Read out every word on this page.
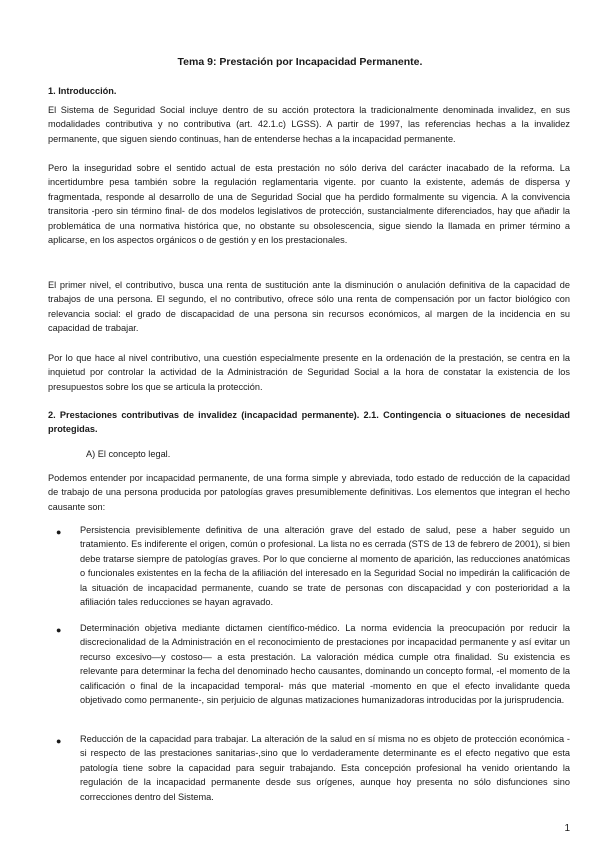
Tema 9: Prestación por Incapacidad Permanente.
1. Introducción.
El Sistema de Seguridad Social incluye dentro de su acción protectora la tradicionalmente denominada invalidez, en sus modalidades contributiva y no contributiva (art. 42.1.c) LGSS). A partir de 1997, las referencias hechas a la invalidez permanente, que siguen siendo continuas, han de entenderse hechas a la incapacidad permanente.
Pero la inseguridad sobre el sentido actual de esta prestación no sólo deriva del carácter inacabado de la reforma. La incertidumbre pesa también sobre la regulación reglamentaria vigente. por cuanto la existente, además de dispersa y fragmentada, responde al desarrollo de una de Seguridad Social que ha perdido formalmente su vigencia. A la convivencia transitoria -pero sin término final- de dos modelos legislativos de protección, sustancialmente diferenciados, hay que añadir la problemática de una normativa histórica que, no obstante su obsolescencia, sigue siendo la llamada en primer término a aplicarse, en los aspectos orgánicos o de gestión y en los prestacionales.
El primer nivel, el contributivo, busca una renta de sustitución ante la disminución o anulación definitiva de la capacidad de trabajos de una persona. El segundo, el no contributivo, ofrece sólo una renta de compensación por un factor biológico con relevancia social: el grado de discapacidad de una persona sin recursos económicos, al margen de la incidencia en su capacidad de trabajar.
Por lo que hace al nivel contributivo, una cuestión especialmente presente en la ordenación de la prestación, se centra en la inquietud por controlar la actividad de la Administración de Seguridad Social a la hora de constatar la existencia de los presupuestos sobre los que se articula la protección.
2. Prestaciones contributivas de invalidez (incapacidad permanente). 2.1. Contingencia o situaciones de necesidad protegidas.
A) El concepto legal.
Podemos entender por incapacidad permanente, de una forma simple y abreviada, todo estado de reducción de la capacidad de trabajo de una persona producida por patologías graves presumiblemente definitivas. Los elementos que integran el hecho causante son:
● Persistencia previsiblemente definitiva de una alteración grave del estado de salud, pese a haber seguido un tratamiento. Es indiferente el origen, común o profesional. La lista no es cerrada (STS de 13 de febrero de 2001), si bien debe tratarse siempre de patologías graves. Por lo que concierne al momento de aparición, las reducciones anatómicas o funcionales existentes en la fecha de la afiliación del interesado en la Seguridad Social no impedirán la calificación de la situación de incapacidad permanente, cuando se trate de personas con discapacidad y con posterioridad a la afiliación tales reducciones se hayan agravado.
● Determinación objetiva mediante dictamen científico-médico. La norma evidencia la preocupación por reducir la discrecionalidad de la Administración en el reconocimiento de prestaciones por incapacidad permanente y así evitar un recurso excesivo—y costoso— a esta prestación. La valoración médica cumple otra finalidad. Su existencia es relevante para determinar la fecha del denominado hecho causantes, dominando un concepto formal, -el momento de la calificación o final de la incapacidad temporal- más que material -momento en que el efecto invalidante queda objetivado como permanente-, sin perjuicio de algunas matizaciones humanizadoras introducidas por la jurisprudencia.
● Reducción de la capacidad para trabajar. La alteración de la salud en sí misma no es objeto de protección económica -si respecto de las prestaciones sanitarias-,sino que lo verdaderamente determinante es el efecto negativo que esta patología tiene sobre la capacidad para seguir trabajando. Esta concepción profesional ha venido orientando la regulación de la incapacidad permanente desde sus orígenes, aunque hoy presenta no sólo disfunciones sino correcciones dentro del Sistema.
1
